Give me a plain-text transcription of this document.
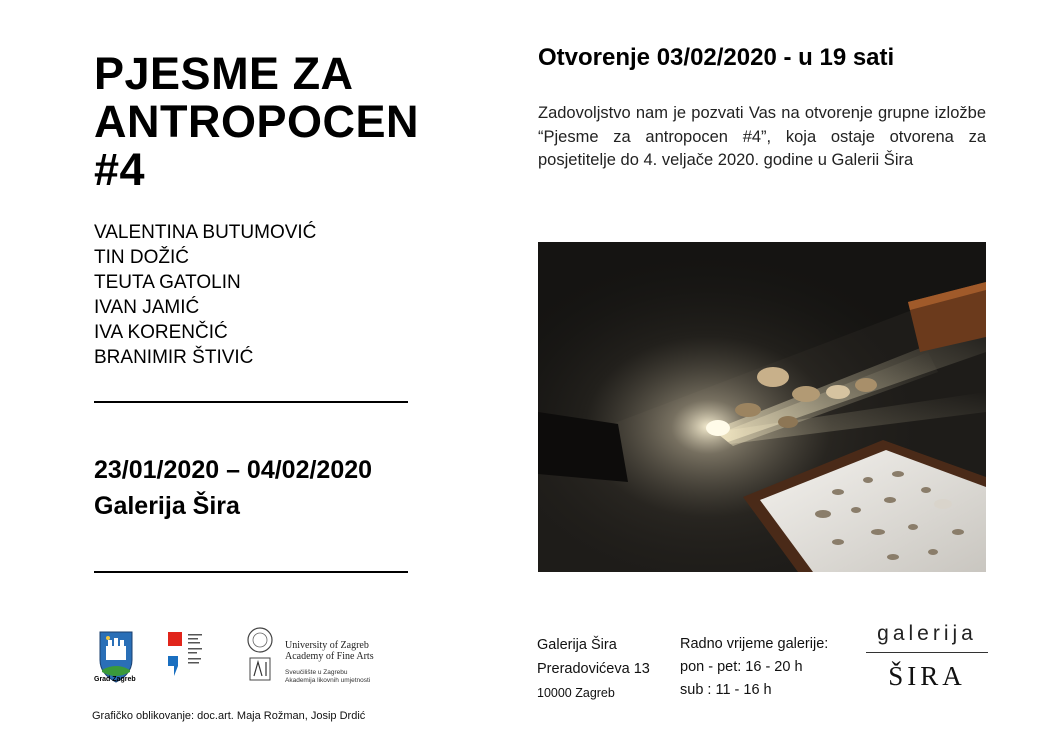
PJESME ZA
ANTROPOCEN
#4
VALENTINA BUTUMOVIĆ
TIN DOŽIĆ
TEUTA GATOLIN
IVAN JAMIĆ
IVA KORENČIĆ
BRANIMIR ŠTIVIĆ
23/01/2020 – 04/02/2020
Galerija Šira
Otvorenje 03/02/2020 - u 19 sati
Zadovoljstvo nam je pozvati Vas na otvorenje grupne izložbe “Pjesme za antropocen #4”, koja ostaje otvorena za posjetitelje do 4. veljače 2020. godine u Galerii Šira
Grad Zagreb
University of Zagreb
Academy of Fine Arts
Sveučilište u Zagrebu
Akademija likovnih umjetnosti
Grafičko oblikovanje: doc.art. Maja Rožman, Josip Drdić
Galerija Šira
Preradovićeva 13
10000 Zagreb
Radno vrijeme galerije:
pon - pet: 16 - 20 h
sub : 11 - 16 h
galerija
ŠIRA
